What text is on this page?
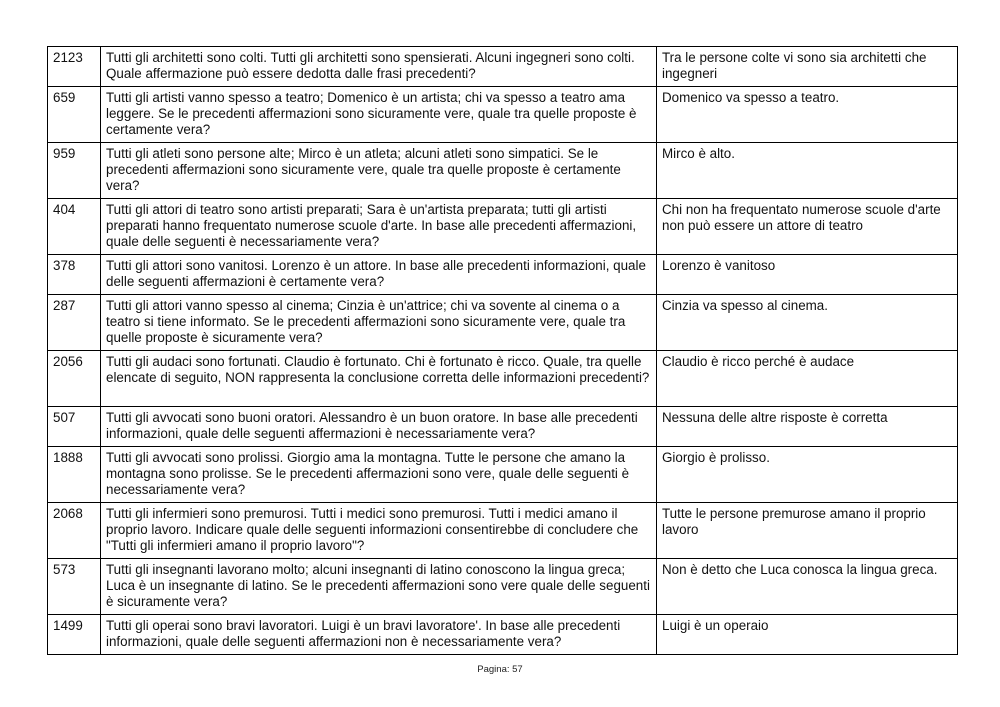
2123	Tutti gli architetti sono colti. Tutti gli architetti sono spensierati. Alcuni ingegneri sono colti. Quale affermazione può essere dedotta dalle frasi precedenti?	Tra le persone colte vi sono sia architetti che ingegneri
659	Tutti gli artisti vanno spesso a teatro; Domenico è un artista; chi va spesso a teatro ama leggere. Se le precedenti affermazioni sono sicuramente vere, quale tra quelle proposte è certamente vera?	Domenico va spesso a teatro.
959	Tutti gli atleti sono persone alte; Mirco è un atleta; alcuni atleti sono simpatici. Se le precedenti affermazioni sono sicuramente vere, quale tra quelle proposte è certamente vera?	Mirco è alto.
404	Tutti gli attori di teatro sono artisti preparati; Sara è un'artista preparata; tutti gli artisti preparati hanno frequentato numerose scuole d'arte. In base alle precedenti affermazioni, quale delle seguenti è necessariamente vera?	Chi non ha frequentato numerose scuole d'arte non può essere un attore di teatro
378	Tutti gli attori sono vanitosi. Lorenzo è un attore. In base alle precedenti informazioni, quale delle seguenti affermazioni è certamente vera?	Lorenzo è vanitoso
287	Tutti gli attori vanno spesso al cinema; Cinzia è un'attrice; chi va sovente al cinema o a teatro si tiene informato. Se le precedenti affermazioni sono sicuramente vere, quale tra quelle proposte è sicuramente vera?	Cinzia va spesso al cinema.
2056	Tutti gli audaci sono fortunati. Claudio è fortunato. Chi è fortunato è ricco. Quale, tra quelle elencate di seguito, NON rappresenta la conclusione corretta delle informazioni precedenti?	Claudio è ricco perché è audace
507	Tutti gli avvocati sono buoni oratori. Alessandro è un buon oratore. In base alle precedenti informazioni, quale delle seguenti affermazioni è necessariamente vera?	Nessuna delle altre risposte è corretta
1888	Tutti gli avvocati sono prolissi. Giorgio ama la montagna. Tutte le persone che amano la montagna sono prolisse. Se le precedenti affermazioni sono vere, quale delle seguenti è necessariamente vera?	Giorgio è prolisso.
2068	Tutti gli infermieri sono premurosi. Tutti i medici sono premurosi. Tutti i medici amano il proprio lavoro. Indicare quale delle seguenti informazioni consentirebbe di concludere che "Tutti gli infermieri amano il proprio lavoro"?	Tutte le persone premurose amano il proprio lavoro
573	Tutti gli insegnanti lavorano molto; alcuni insegnanti di latino conoscono la lingua greca; Luca è un insegnante di latino. Se le precedenti affermazioni sono vere quale delle seguenti è sicuramente vera?	Non è detto che Luca conosca la lingua greca.
1499	Tutti gli operai sono bravi lavoratori. Luigi è un bravi lavoratore'. In base alle precedenti informazioni, quale delle seguenti affermazioni non è necessariamente vera?	Luigi è un operaio
Pagina: 57
